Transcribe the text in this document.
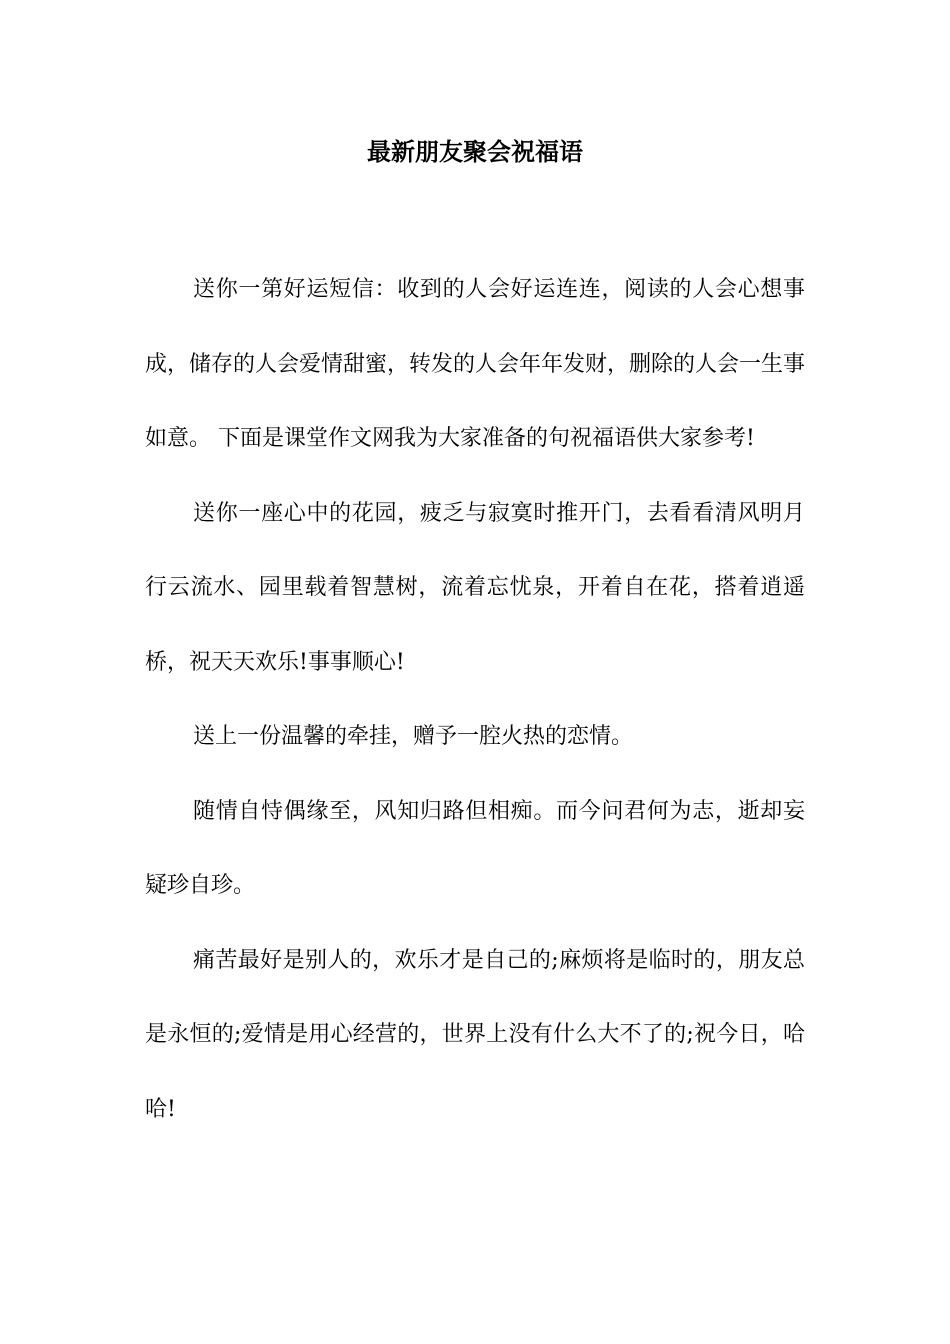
最新朋友聚会祝福语

送你一第好运短信：收到的人会好运连连，阅读的人会心想事成，储存的人会爱情甜蜜，转发的人会年年发财，删除的人会一生事如意。 下面是课堂作文网我为大家准备的句祝福语供大家参考!

送你一座心中的花园，疲乏与寂寞时推开门，去看看清风明月行云流水、园里载着智慧树，流着忘忧泉，开着自在花，搭着逍遥桥，祝天天欢乐!事事顺心!

送上一份温馨的牵挂，赠予一腔火热的恋情。

随情自恃偶缘至，风知归路但相痴。而今问君何为志，逝却妄疑珍自珍。

痛苦最好是别人的，欢乐才是自己的;麻烦将是临时的，朋友总是永恒的;爱情是用心经营的，世界上没有什么大不了的;祝今日，哈哈!
